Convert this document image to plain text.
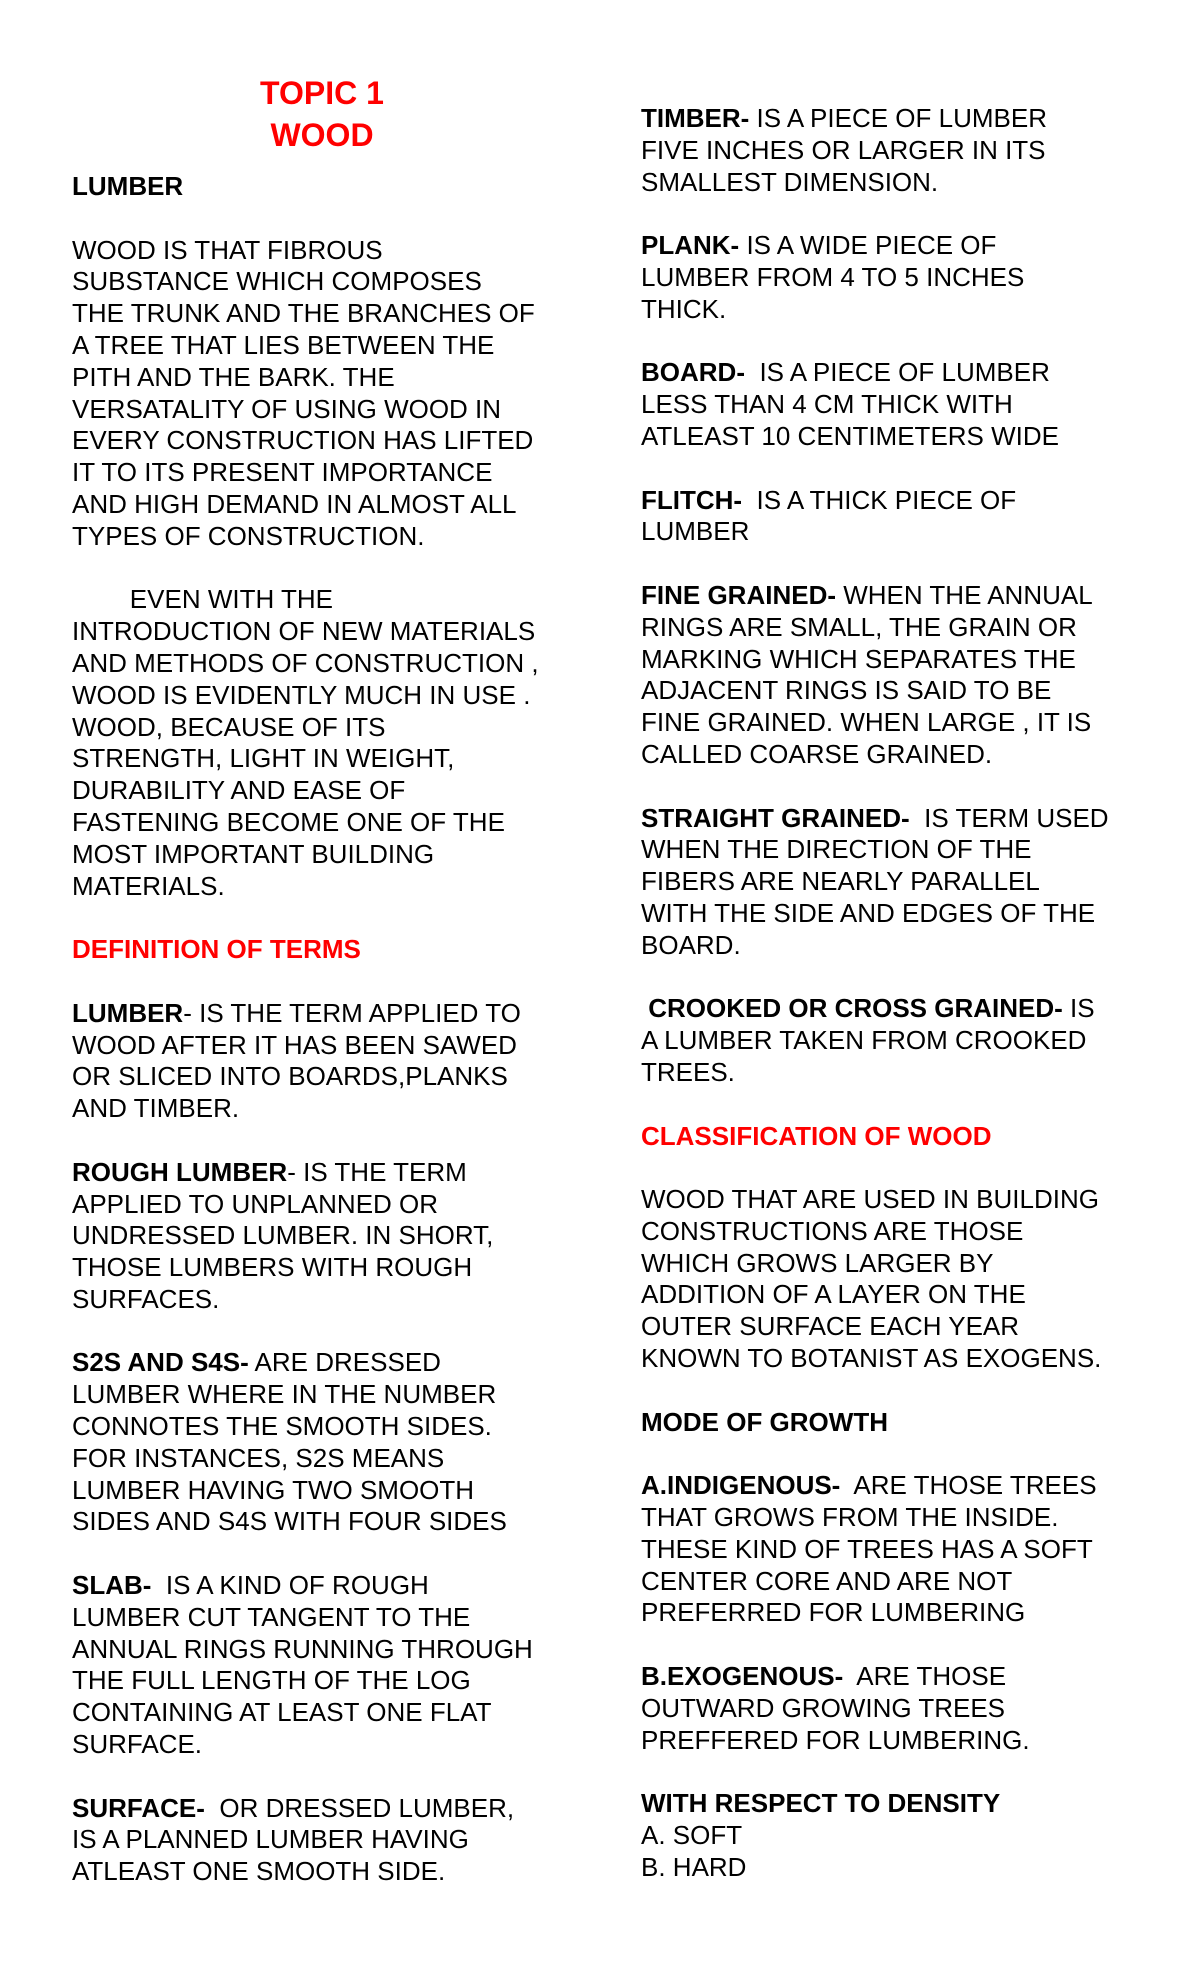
TOPIC 1

WOOD

LUMBER

WOOD IS THAT FIBROUS

SUBSTANCE WHICH COMPOSES

THE TRUNK AND THE BRANCHES OF

A TREE THAT LIES BETWEEN THE

PITH AND THE BARK. THE

VERSATALITY OF USING WOOD IN

EVERY CONSTRUCTION HAS LIFTED

IT TO ITS PRESENT IMPORTANCE

AND HIGH DEMAND IN ALMOST ALL

TYPES OF CONSTRUCTION.

EVEN WITH THE

INTRODUCTION OF NEW MATERIALS

AND METHODS OF CONSTRUCTION ,

WOOD IS EVIDENTLY MUCH IN USE .

WOOD, BECAUSE OF ITS

STRENGTH, LIGHT IN WEIGHT,

DURABILITY AND EASE OF

FASTENING BECOME ONE OF THE

MOST IMPORTANT BUILDING

MATERIALS.

DEFINITION OF TERMS

LUMBER- IS THE TERM APPLIED TO

WOOD AFTER IT HAS BEEN SAWED

OR SLICED INTO BOARDS,PLANKS

AND TIMBER.

ROUGH LUMBER- IS THE TERM

APPLIED TO UNPLANNED OR

UNDRESSED LUMBER. IN SHORT,

THOSE LUMBERS WITH ROUGH

SURFACES.

S2S AND S4S- ARE DRESSED

LUMBER WHERE IN THE NUMBER

CONNOTES THE SMOOTH SIDES.

FOR INSTANCES, S2S MEANS

LUMBER HAVING TWO SMOOTH

SIDES AND S4S WITH FOUR SIDES

SLAB-  IS A KIND OF ROUGH

LUMBER CUT TANGENT TO THE

ANNUAL RINGS RUNNING THROUGH

THE FULL LENGTH OF THE LOG

CONTAINING AT LEAST ONE FLAT

SURFACE.

SURFACE-  OR DRESSED LUMBER,

IS A PLANNED LUMBER HAVING

ATLEAST ONE SMOOTH SIDE.

TIMBER- IS A PIECE OF LUMBER

FIVE INCHES OR LARGER IN ITS

SMALLEST DIMENSION.

PLANK- IS A WIDE PIECE OF

LUMBER FROM 4 TO 5 INCHES

THICK.

BOARD-  IS A PIECE OF LUMBER

LESS THAN 4 CM THICK WITH

ATLEAST 10 CENTIMETERS WIDE

FLITCH-  IS A THICK PIECE OF

LUMBER

FINE GRAINED- WHEN THE ANNUAL

RINGS ARE SMALL, THE GRAIN OR

MARKING WHICH SEPARATES THE

ADJACENT RINGS IS SAID TO BE

FINE GRAINED. WHEN LARGE , IT IS

CALLED COARSE GRAINED.

STRAIGHT GRAINED-  IS TERM USED

WHEN THE DIRECTION OF THE

FIBERS ARE NEARLY PARALLEL

WITH THE SIDE AND EDGES OF THE

BOARD.

CROOKED OR CROSS GRAINED- IS

A LUMBER TAKEN FROM CROOKED

TREES.

CLASSIFICATION OF WOOD

WOOD THAT ARE USED IN BUILDING

CONSTRUCTIONS ARE THOSE

WHICH GROWS LARGER BY

ADDITION OF A LAYER ON THE

OUTER SURFACE EACH YEAR

KNOWN TO BOTANIST AS EXOGENS.

MODE OF GROWTH

A.INDIGENOUS-  ARE THOSE TREES

THAT GROWS FROM THE INSIDE.

THESE KIND OF TREES HAS A SOFT

CENTER CORE AND ARE NOT

PREFERRED FOR LUMBERING

B.EXOGENOUS-  ARE THOSE

OUTWARD GROWING TREES

PREFFERED FOR LUMBERING.

WITH RESPECT TO DENSITY

A. SOFT

B. HARD
